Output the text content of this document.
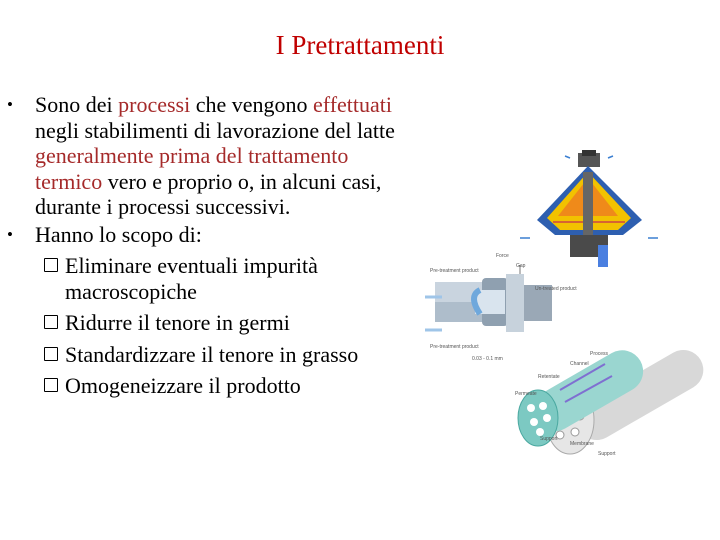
I Pretrattamenti
• Sono dei processi che vengono effettuati negli stabilimenti di lavorazione del latte generalmente prima del trattamento termico vero e proprio o, in alcuni casi, durante i processi successivi.
• Hanno lo scopo di:
Eliminare eventuali impurità macroscopiche
Ridurre il tenore in germi
Standardizzare il tenore in grasso
Omogeneizzare il prodotto
Pre-treatment product
Force
Gap
Un-treated product
Pre-treatment product
0.03 - 0.1 mm
Process
Channel
Retentate
Permeate
Support
Membrane
Support
